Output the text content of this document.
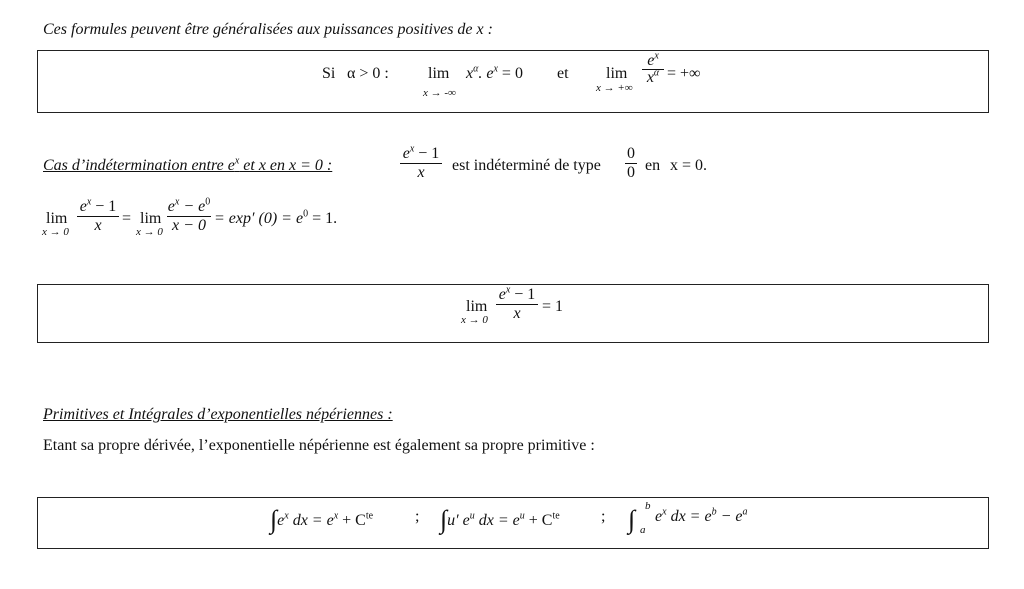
Ces formules peuvent être généralisées aux puissances positives de x :
Si α > 0 : lim
x → -∞
$x^\alpha$. $e^x = 0$ et lim
x → +∞
$e^x$
$x^\alpha$ = +∞
Cas d’indétermination entre $e^x$ et x en x = 0 :
$e^x - 1$
x	est indéterminé de type
0
0 en x = 0.
lim
x → 0
$e^x - 1$
x	= lim
x → 0
$e^x - e^0$
x − 0 = exp′ $(0) = e^0 = 1$.
lim
x → 0
$e^x - 1$
x	= 1
Primitives et Intégrales d’exponentielles népériennes :
Etant sa propre dérivée, l’exponentielle népérienne est également sa propre primitive :
$\int e^x$ dx = $e^x + C^{te}$	; ∫u′ $e^u$ dx = $e^u + C^{te}$	; ∫ b
a
$e^x$ dx = $e^b - e^a$
